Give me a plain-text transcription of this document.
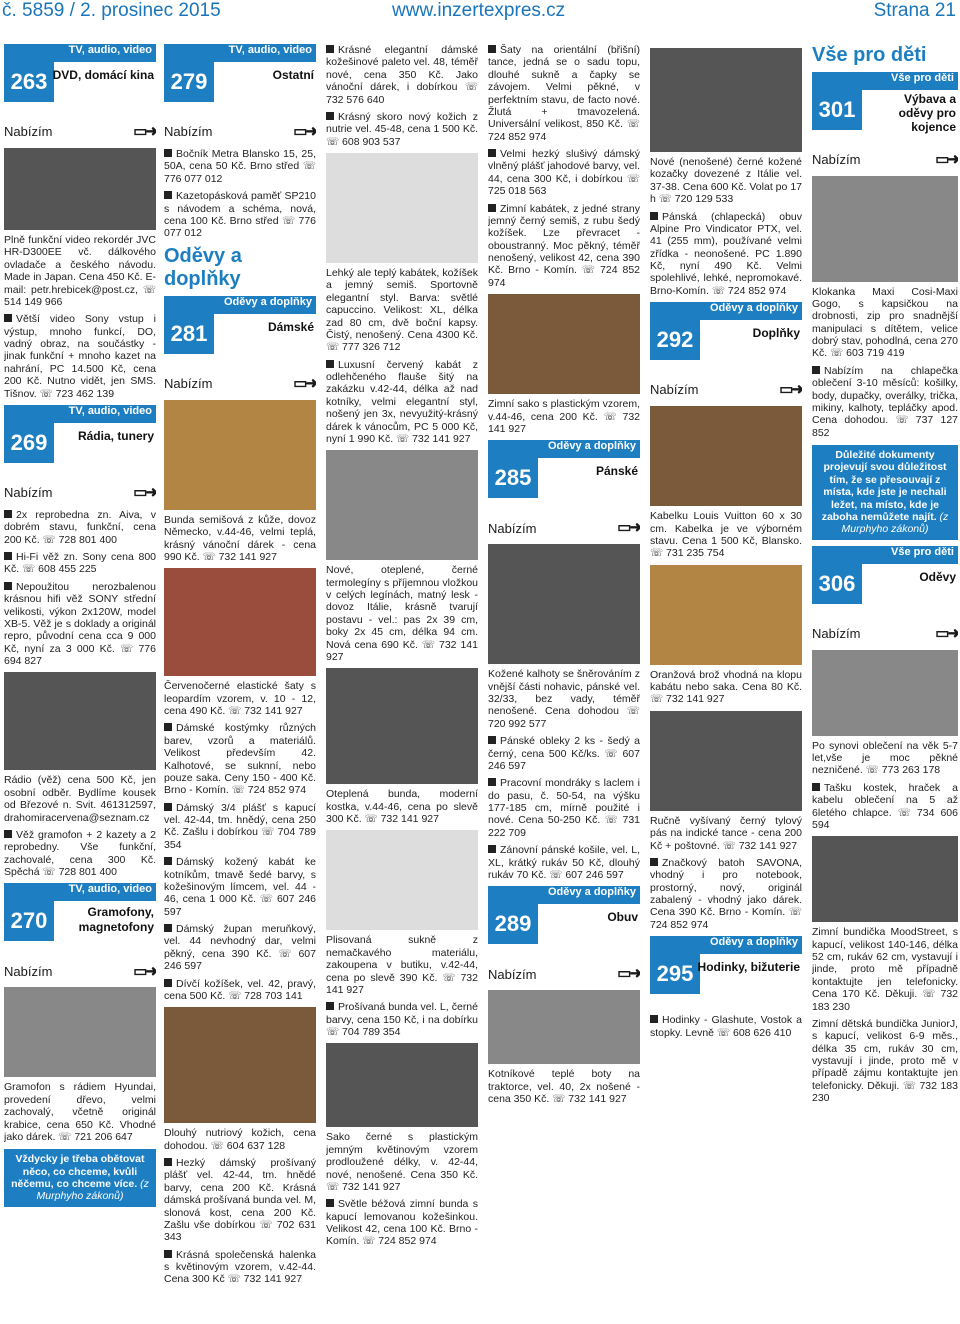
č. 5859 / 2. prosinec 2015	www.inzertexpres.cz	Strana 21
TV, audio, video
263 DVD, domácí kina
Nabízím	▭➜
Plně funkční video rekordér JVC HR-D300EE vč. dálkového ovladače a českého návodu. Made in Japan. Cena 450 Kč. E-mail: petr.hrebicek@post.cz, ☏ 514 149 966
Větší video Sony vstup i výstup, mnoho funkcí, DO, vadný obraz, na součástky - jinak funkční + mnoho kazet na nahrání, PC 14.500 Kč, cena 200 Kč. Nutno vidět, jen SMS. Tišnov. ☏ 723 462 139
TV, audio, video
269	Rádia, tunery
Nabízím	▭➜
2x reprobedna zn. Aiva, v dobrém stavu, funkční, cena 200 Kč. ☏ 728 801 400
Hi-Fi věž zn. Sony cena 800 Kč. ☏ 608 455 225
Nepoužitou nerozbalenou krásnou hifi věž SONY střední velikosti, výkon 2x120W, model XB-5. Věž je s doklady a originál repro, původní cena cca 9 000 Kč, nyní za 3 000 Kč. ☏ 776 694 827
Rádio (věž) cena 500 Kč, jen osobní odběr. Bydlíme kousek od Březové n. Svit. 461312597, drahomiracervena@seznam.cz
Věž gramofon + 2 kazety a 2 reprobedny. Vše funkční, zachovalé, cena 300 Kč. Spěchá ☏ 728 801 400
TV, audio, video
270	Gramofony, magnetofony
Nabízím	▭➜
Gramofon s rádiem Hyundai, provedení dřevo, velmi zachovalý, včetně originál krabice, cena 650 Kč. Vhodné jako dárek. ☏ 721 206 647
Vždycky je třeba obětovat něco, co chceme, kvůli něčemu, co chceme více. (z Murphyho zákonů)
TV, audio, video
279	Ostatní
Nabízím	▭➜
Bočník Metra Blansko 15, 25, 50A, cena 50 Kč. Brno střed ☏ 776 077 012
Kazetopásková paměť SP210 s návodem a schéma, nová, cena 100 Kč. Brno střed ☏ 776 077 012
Oděvy a doplňky
Oděvy a doplňky
281	Dámské
Nabízím	▭➜
Bunda semišová z kůže, dovoz Německo, v.44-46, velmi teplá, krásný vánoční dárek - cena 990 Kč. ☏ 732 141 927
Červenočerné elastické šaty s leopardím vzorem, v. 10 - 12, cena 490 Kč. ☏ 732 141 927
Dámské kostýmky různých barev, vzorů a materiálů. Velikost především 42. Kalhotové, se suknní, nebo pouze saka. Ceny 150 - 400 Kč. Brno - Komín. ☏ 724 852 974
Dámský 3/4 plášť s kapucí vel. 42-44, tm. hnědý, cena 250 Kč. Zašlu i dobírkou ☏ 704 789 354
Dámský kožený kabát ke kotníkům, tmavě šedé barvy, s kožešinovým límcem, vel. 44 - 46, cena 1 000 Kč. ☏ 607 246 597
Dámský župan meruňkový, vel. 44 nevhodný dar, velmi pěkný, cena 390 Kč. ☏ 607 246 597
Dívčí kožíšek, vel. 42, pravý, cena 500 Kč. ☏ 728 703 141
Dlouhý nutriový kožich, cena dohodou. ☏ 604 637 128
Hezký dámský prošívaný plášť vel. 42-44, tm. hnědé barvy, cena 200 Kč. Krásná dámská prošívaná bunda vel. M, slonová kost, cena 200 Kč. Zašlu vše dobírkou ☏ 702 631 343
Krásná společenská halenka s květinovým vzorem, v.42-44. Cena 300 Kč ☏ 732 141 927
Krásné elegantní dámské kožešinové paleto vel. 48, téměř nové, cena 350 Kč. Jako vánoční dárek, i dobírkou ☏ 732 576 640
Krásný skoro nový kožich z nutrie vel. 45-48, cena 1 500 Kč. ☏ 608 903 537
Lehký ale teplý kabátek, kožíšek a jemný semiš. Sportovně elegantní styl. Barva: světlé capuccino. Velikost: XL, délka zad 80 cm, dvě boční kapsy. Čistý, nenošený. Cena 4300 Kč. ☏ 777 326 712
Luxusní červený kabát z odlehčeného flauše šitý na zakázku v.42-44, délka až nad kotníky, velmi elegantní styl, nošený jen 3x, nevyužitý-krásný dárek k vánocům, PC 5 000 Kč, nyní 1 990 Kč. ☏ 732 141 927
Nové, oteplené, černé termolegíny s příjemnou vložkou v celých legínách, matný lesk - dovoz Itálie, krásně tvarují postavu - vel.: pas 2x 39 cm, boky 2x 45 cm, délka 94 cm. Nová cena 690 Kč. ☏ 732 141 927
Oteplená bunda, moderní kostka, v.44-46, cena po slevě 300 Kč. ☏ 732 141 927
Plisovaná sukně z nemačkavého materiálu, zakoupena v butiku, v.42-44, cena po slevě 390 Kč. ☏ 732 141 927
Prošívaná bunda vel. L, černé barvy, cena 150 Kč, i na dobírku ☏ 704 789 354
Sako černé s plastickým jemným květinovým vzorem prodloužené délky, v. 42-44, nové, nenošené. Cena 350 Kč. ☏ 732 141 927
Světle béžová zimní bunda s kapucí lemovanou kožešinkou. Velikost 42, cena 100 Kč. Brno - Komín. ☏ 724 852 974
Šaty na orientální (břišní) tance, jedná se o sadu topu, dlouhé sukně a čapky se závojem. Velmi pěkné, v perfektním stavu, de facto nové. Žlutá + tmavozelená. Universální velikost, 850 Kč. ☏ 724 852 974
Velmi hezký slušivý dámský vlněný plášť jahodové barvy, vel. 44, cena 300 Kč, i dobírkou ☏ 725 018 563
Zimní kabátek, z jedné strany jemný černý semiš, z rubu šedý kožíšek. Lze převracet - oboustranný. Moc pěkný, téměř nenošený, velikost 42, cena 390 Kč. Brno - Komín. ☏ 724 852 974
Zimní sako s plastickým vzorem, v.44-46, cena 200 Kč. ☏ 732 141 927
Oděvy a doplňky
285	Pánské
Nabízím	▭➜
Kožené kalhoty se šněrováním z vnější části nohavic, pánské vel. 32/33, bez vady, téměř nenošené. Cena dohodou ☏ 720 992 577
Pánské obleky 2 ks - šedý a černý, cena 500 Kč/ks. ☏ 607 246 597
Pracovní mondráky s laclem i do pasu, č. 50-54, na výšku 177-185 cm, mírně použité i nové. Cena 50-250 Kč. ☏ 731 222 709
Zánovní pánské košile, vel. L, XL, krátký rukáv 50 Kč, dlouhý rukáv 70 Kč. ☏ 607 246 597
Oděvy a doplňky
289	Obuv
Nabízím	▭➜
Kotníkové teplé boty na traktorce, vel. 40, 2x nošené - cena 350 Kč. ☏ 732 141 927
Nové (nenošené) černé kožené kozačky dovezené z Itálie vel. 37-38. Cena 600 Kč. Volat po 17 h ☏ 720 129 533
Pánská (chlapecká) obuv Alpine Pro Vindicator PTX, vel. 41 (255 mm), používané velmi zřídka - neonošené. PC 1.890 Kč, nyní 490 Kč. Velmi spolehlivé, lehké, nepromokavé. Brno-Komín. ☏ 724 852 974
Oděvy a doplňky
292	Doplňky
Nabízím	▭➜
Kabelku Louis Vuitton 60 x 30 cm. Kabelka je ve výborném stavu. Cena 1 500 Kč, Blansko. ☏ 731 235 754
Oranžová brož vhodná na klopu kabátu nebo saka. Cena 80 Kč. ☏ 732 141 927
Ručně vyšívaný černý tylový pás na indické tance - cena 200 Kč + poštovné. ☏ 732 141 927
Značkový batoh SAVONA, vhodný i pro notebook, prostorný, nový, originál zabalený - vhodný jako dárek. Cena 390 Kč. Brno - Komín. ☏ 724 852 974
Oděvy a doplňky
295 Hodinky, bižuterie
Hodinky - Glashute, Vostok a stopky. Levně ☏ 608 626 410
Vše pro děti
Vše pro děti
301	Výbava a oděvy pro kojence
Nabízím	▭➜
Klokanka Maxi Cosi-Maxi Gogo, s kapsičkou na drobnosti, zip pro snadnější manipulaci s dítětem, velice dobrý stav, pohodlná, cena 270 Kč. ☏ 603 719 419
Nabízím na chlapečka oblečení 3-10 měsíců: košilky, body, dupačky, overálky, trička, mikiny, kalhoty, tepláčky apod. Cena dohodou. ☏ 737 127 852
Důležité dokumenty projevují svou důležitost tím, že se přesouvají z místa, kde jste je nechali ležet, na místo, kde je zaboha nemůžete najít. (z Murphyho zákonů)
Vše pro děti
306	Oděvy
Nabízím	▭➜
Po synovi oblečení na věk 5-7 let,vše je moc pěkné nezničené. ☏ 773 263 178
Tašku kostek, hraček a kabelu oblečení na 5 až 6letého chlapce. ☏ 734 606 594
Zimní bundička MoodStreet, s kapucí, velikost 140-146, délka 52 cm, rukáv 62 cm, vystavují i jinde, proto mě případně kontaktujte jen telefonicky. Cena 170 Kč. Děkuji. ☏ 732 183 230
Zimní dětská bundička JuniorJ, s kapucí, velikost 6-9 měs., délka 35 cm, rukáv 30 cm, vystavují i jinde, proto mě v případě zájmu kontaktujte jen telefonicky. Děkuji. ☏ 732 183 230
